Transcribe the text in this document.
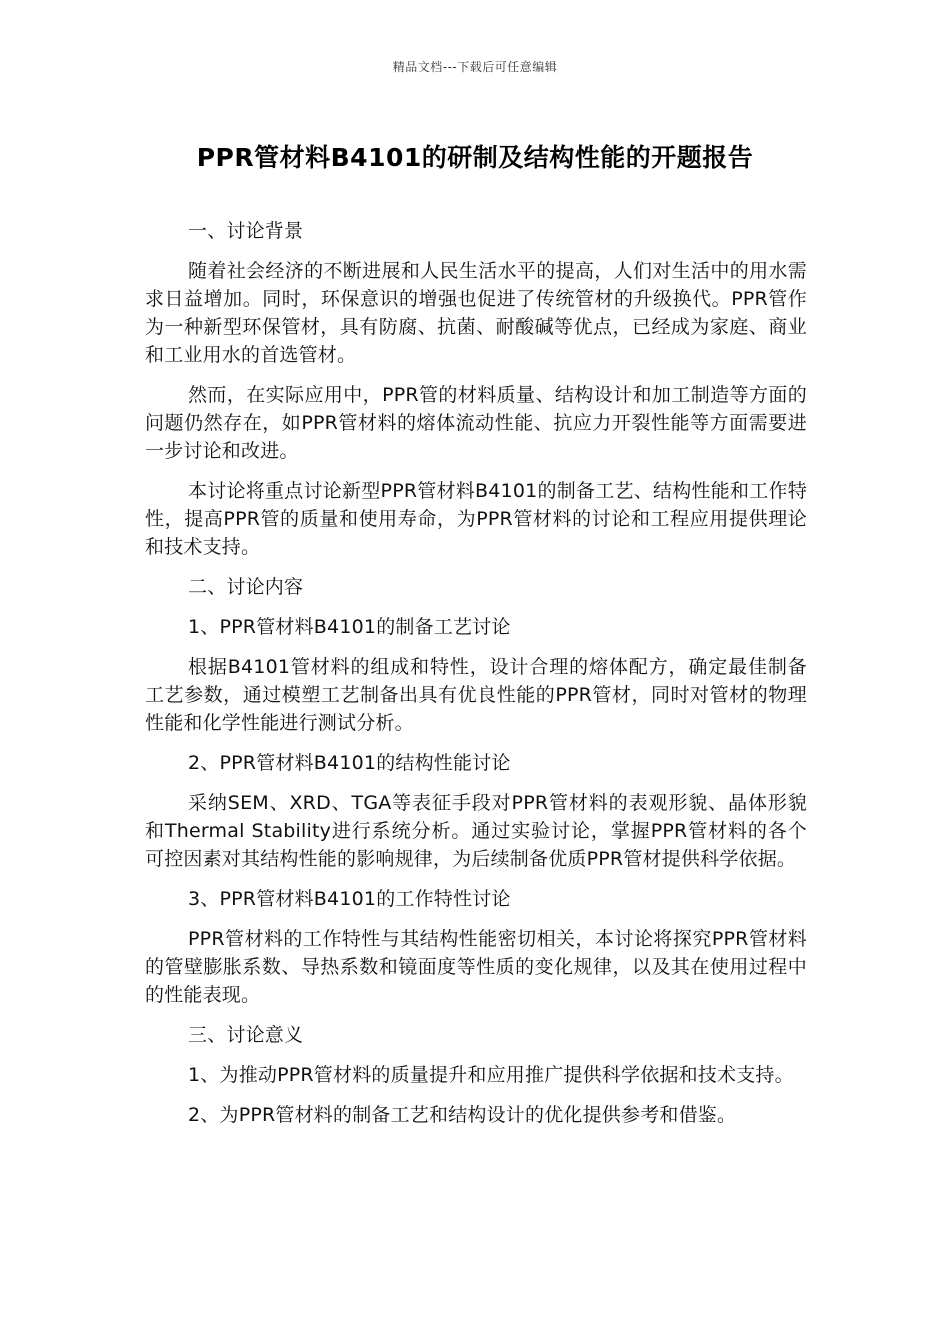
精品文档---下载后可任意编辑
PPR管材料B4101的研制及结构性能的开题报告

一、讨论背景

随着社会经济的不断进展和人民生活水平的提高，人们对生活中的用水需求日益增加。同时，环保意识的增强也促进了传统管材的升级换代。PPR管作为一种新型环保管材，具有防腐、抗菌、耐酸碱等优点，已经成为家庭、商业和工业用水的首选管材。

然而，在实际应用中，PPR管的材料质量、结构设计和加工制造等方面的问题仍然存在，如PPR管材料的熔体流动性能、抗应力开裂性能等方面需要进一步讨论和改进。

本讨论将重点讨论新型PPR管材料B4101的制备工艺、结构性能和工作特性，提高PPR管的质量和使用寿命，为PPR管材料的讨论和工程应用提供理论和技术支持。

二、讨论内容

1、PPR管材料B4101的制备工艺讨论

根据B4101管材料的组成和特性，设计合理的熔体配方，确定最佳制备工艺参数，通过模塑工艺制备出具有优良性能的PPR管材，同时对管材的物理性能和化学性能进行测试分析。

2、PPR管材料B4101的结构性能讨论

采纳SEM、XRD、TGA等表征手段对PPR管材料的表观形貌、晶体形貌和Thermal Stability进行系统分析。通过实验讨论，掌握PPR管材料的各个可控因素对其结构性能的影响规律，为后续制备优质PPR管材提供科学依据。

3、PPR管材料B4101的工作特性讨论

PPR管材料的工作特性与其结构性能密切相关，本讨论将探究PPR管材料的管壁膨胀系数、导热系数和镜面度等性质的变化规律，以及其在使用过程中的性能表现。

三、讨论意义

1、为推动PPR管材料的质量提升和应用推广提供科学依据和技术支持。

2、为PPR管材料的制备工艺和结构设计的优化提供参考和借鉴。
